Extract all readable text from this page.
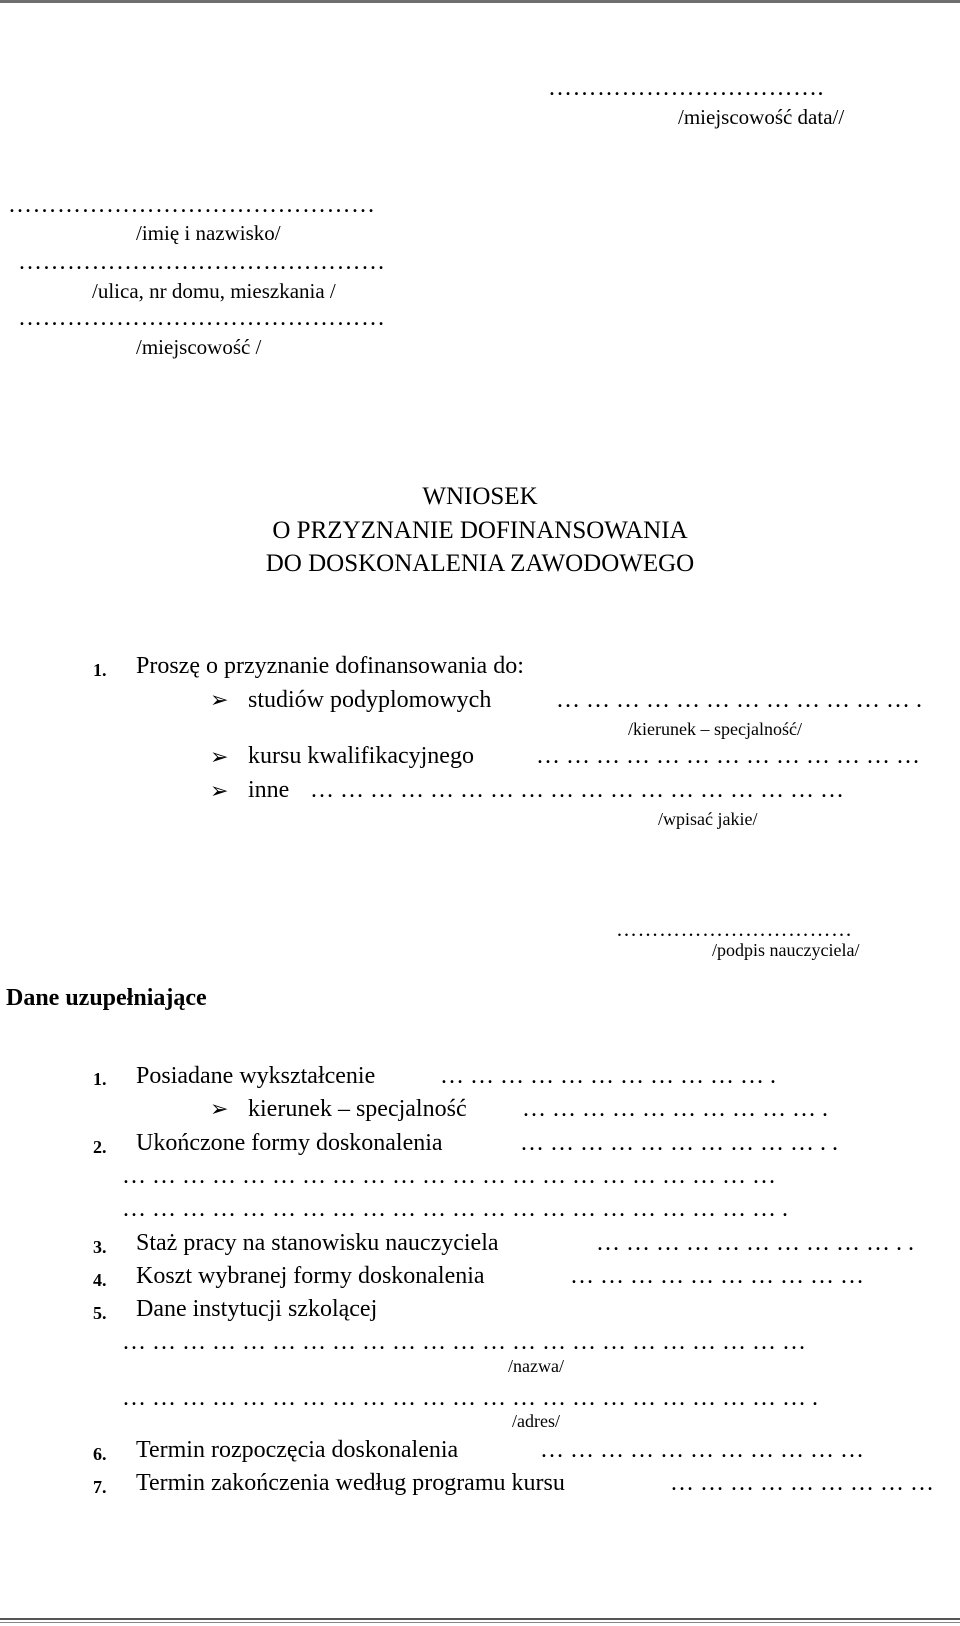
…………………………….
/miejscowość data//
………………………………………
/imię i nazwisko/
………………………………………
/ulica, nr domu, mieszkania /
………………………………………
/miejscowość /
WNIOSEK
O PRZYZNANIE DOFINANSOWANIA
DO DOSKONALENIA ZAWODOWEGO
1. Proszę o przyznanie dofinansowania do:
➢ studiów podyplomowych	……………………………….
/kierunek – specjalność/
➢ kursu kwalifikacyjnego	…………………………………
➢ inne ………………………………………………
/wpisać jakie/
……………………………
/podpis nauczyciela/
Dane uzupełniające
1. Posiadane wykształcenie	…………………………….
➢ kierunek – specjalność ………………………….
2. Ukończone formy doskonalenia	…………………………..
…………………………………………………………
………………………………………………………….
3. Staż pracy na stanowisku nauczyciela	…………………………..
4. Koszt wybranej formy doskonalenia	…………………………
5. Dane instytucji szkolącej
……………………………………………………………
/nazwa/
…………………………………………………………….
/adres/
6. Termin rozpoczęcia doskonalenia	……………………………
7. Termin zakończenia według programu kursu	………………………
